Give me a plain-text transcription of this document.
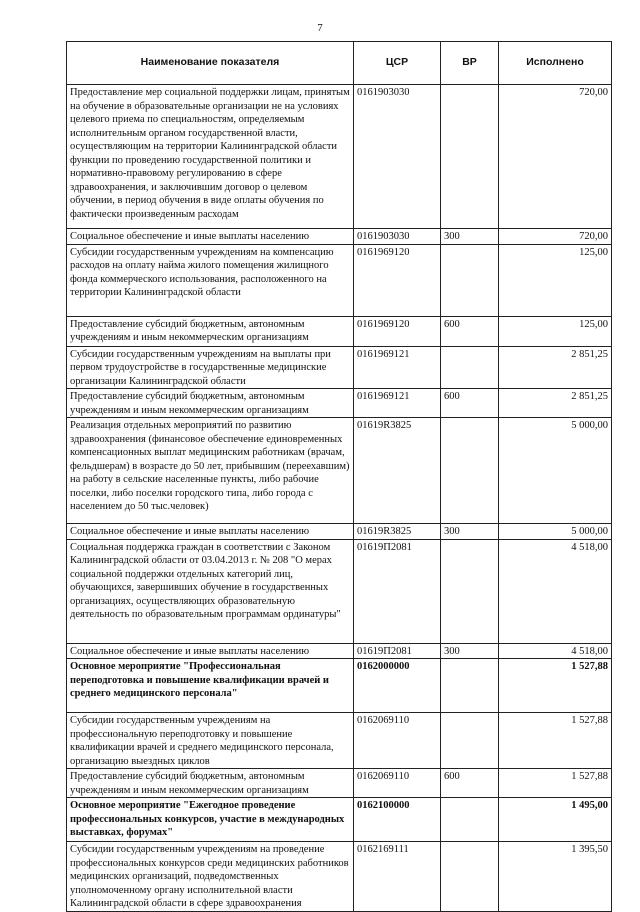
7
Наименование показателя	ЦСР	ВР	Исполнено
Предоставление мер социальной поддержки лицам, принятым на обучение в образовательные организации не на условиях целевого приема по специальностям, определяемым исполнительным органом государственной власти, осуществляющим на территории Калининградской области функции по проведению государственной политики и нормативно-правовому регулированию в сфере здравоохранения, и заключившим договор о целевом обучении, в период обучения в виде оплаты обучения по фактически произведенным расходам	0161903030		720,00
Социальное обеспечение и иные выплаты населению	0161903030	300	720,00
Субсидии государственным учреждениям на компенсацию расходов на оплату найма жилого помещения жилищного фонда коммерческого использования, расположенного на территории Калининградской области	0161969120		125,00
Предоставление субсидий бюджетным, автономным учреждениям и иным некоммерческим организациям	0161969120	600	125,00
Субсидии государственным учреждениям на выплаты при первом трудоустройстве в государственные медицинские организации Калининградской области	0161969121		2 851,25
Предоставление субсидий бюджетным, автономным учреждениям и иным некоммерческим организациям	0161969121	600	2 851,25
Реализация отдельных мероприятий по развитию здравоохранения (финансовое обеспечение единовременных компенсационных выплат медицинским работникам (врачам, фельдшерам) в возрасте до 50 лет, прибывшим (переехавшим) на работу в сельские населенные пункты, либо рабочие поселки, либо поселки городского типа, либо города с населением до 50 тыс.человек)	01619R3825		5 000,00
Социальное обеспечение и иные выплаты населению	01619R3825	300	5 000,00
Социальная поддержка граждан в соответствии с Законом Калининградской области от 03.04.2013 г. № 208 "О мерах социальной поддержки отдельных категорий лиц, обучающихся, завершивших обучение в государственных организациях, осуществляющих образовательную деятельность по образовательным программам ординатуры"	01619П2081		4 518,00
Социальное обеспечение и иные выплаты населению	01619П2081	300	4 518,00
Основное мероприятие "Профессиональная переподготовка и повышение квалификации врачей и среднего медицинского персонала"	0162000000		1 527,88
Субсидии государственным учреждениям на профессиональную переподготовку и повышение квалификации врачей и среднего медицинского персонала, организацию выездных циклов	0162069110		1 527,88
Предоставление субсидий бюджетным, автономным учреждениям и иным некоммерческим организациям	0162069110	600	1 527,88
Основное мероприятие "Ежегодное проведение профессиональных конкурсов, участие в международных выставках, форумах"	0162100000		1 495,00
Субсидии государственным учреждениям на проведение профессиональных конкурсов среди медицинских работников медицинских организаций, подведомственных уполномоченному органу исполнительной власти Калининградской области в сфере здравоохранения	0162169111		1 395,50
